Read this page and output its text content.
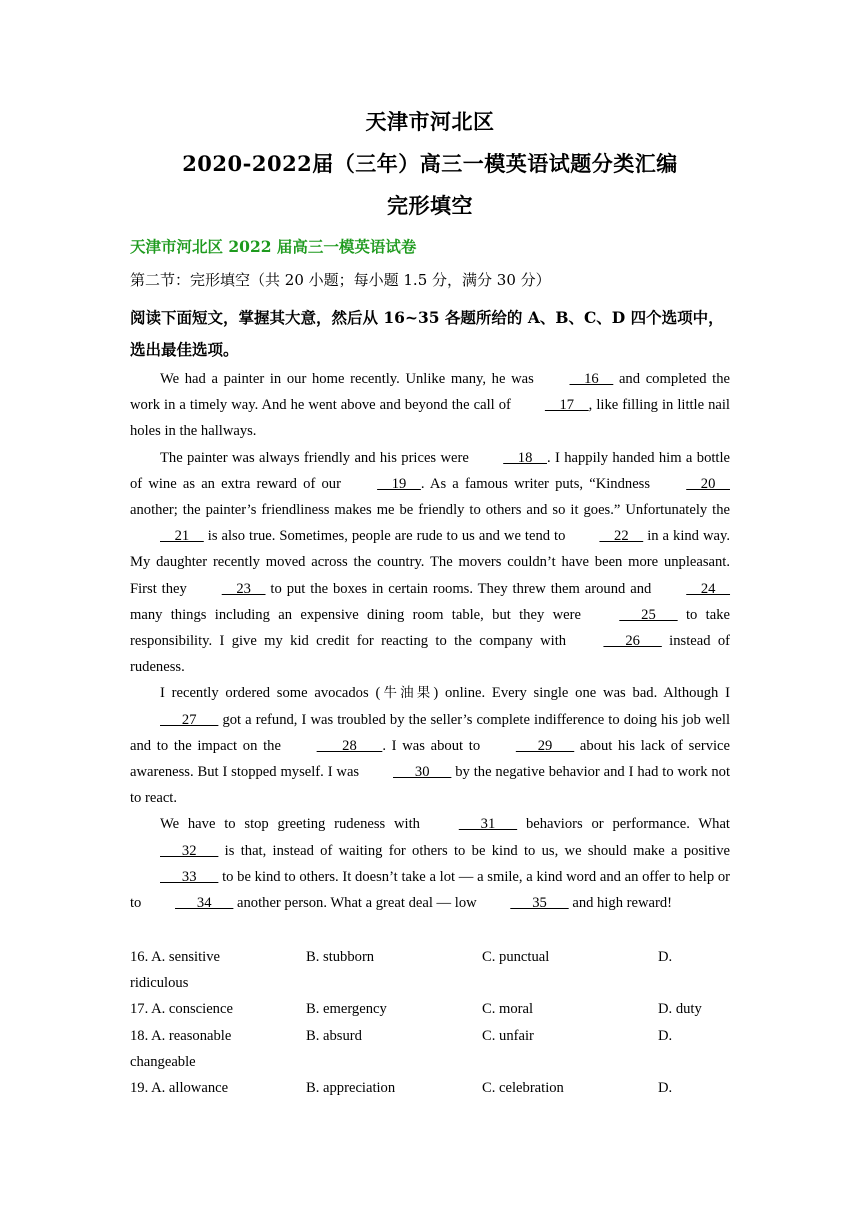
天津市河北区
2020-2022届（三年）高三一模英语试题分类汇编
完形填空
天津市河北区 2022 届高三一模英语试卷
第二节：完形填空（共 20 小题；每小题 1.5 分，满分 30 分）
阅读下面短文，掌握其大意，然后从 16~35 各题所给的 A、B、C、D 四个选项中，选出最佳选项。

We had a painter in our home recently. Unlike many, he was     16     and completed the work in a timely way. And he went above and beyond the call of     17    , like filling in little nail holes in the hallways.

The painter was always friendly and his prices were     18    . I happily handed him a bottle of wine as an extra reward of our     19    . As a famous writer puts, “Kindness     20     another; the painter’s friendliness makes me be friendly to others and so it goes.” Unfortunately the     21     is also true. Sometimes, people are rude to us and we tend to     22     in a kind way. My daughter recently moved across the country. The movers couldn’t have been more unpleasant. First they     23     to put the boxes in certain rooms. They threw them around and     24     many things including an expensive dining room table, but they were       25       to take responsibility. I give my kid credit for reacting to the company with       26       instead of rudeness.

I recently ordered some avocados (牛油果) online. Every single one was bad. Although I       27       got a refund, I was troubled by the seller’s complete indifference to doing his job well and to the impact on the        28       . I was about to       29       about his lack of service awareness. But I stopped myself. I was       30       by the negative behavior and I had to work not to react.

We have to stop greeting rudeness with       31       behaviors or performance. What       32       is that, instead of waiting for others to be kind to us, we should make a positive       33       to be kind to others. It doesn’t take a lot — a smile, a kind word and an offer to help or to       34       another person. What a great deal — low       35       and high reward!

16. A. sensitive	B. stubborn	C. punctual	D.
ridiculous
17. A. conscience	B. emergency	C. moral	D. duty
18. A. reasonable	B. absurd	C. unfair	D.
changeable
19. A. allowance	B. appreciation	C. celebration	D.
